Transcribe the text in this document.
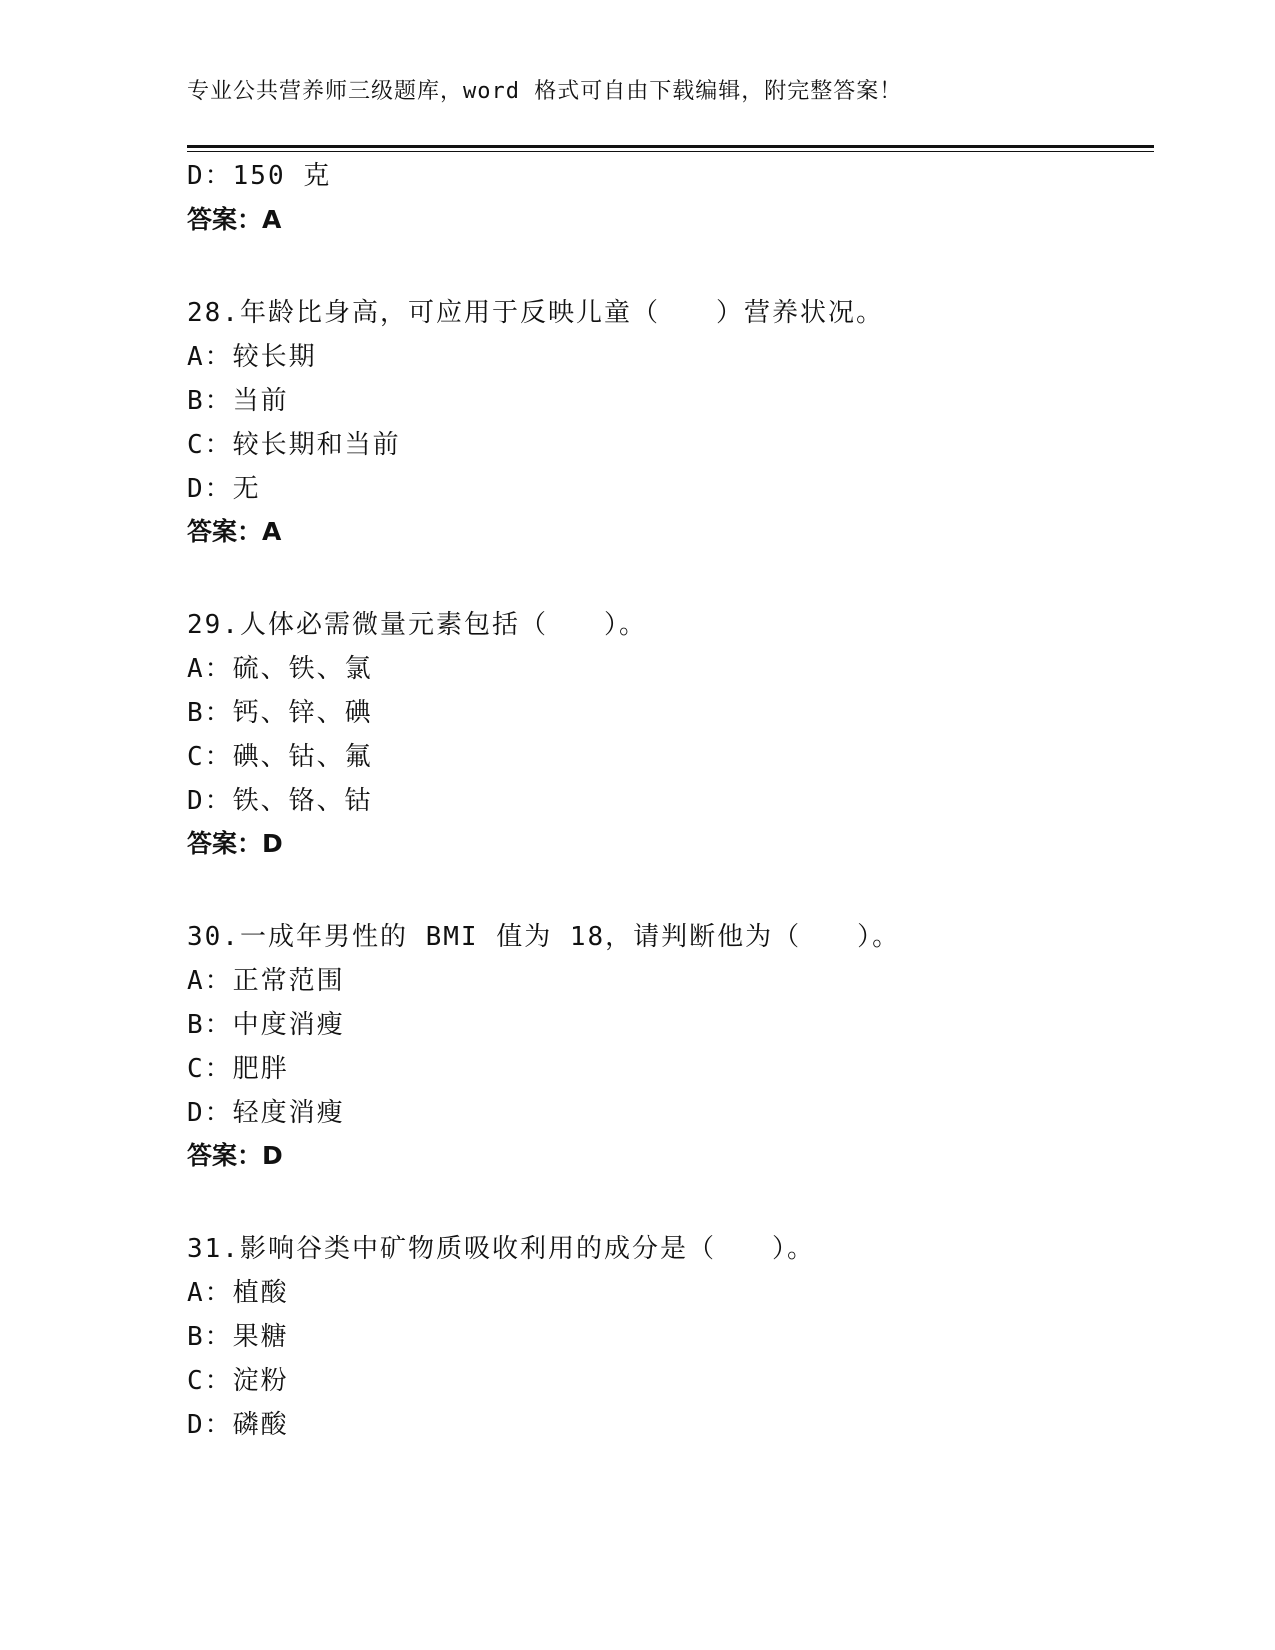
专业公共营养师三级题库，word 格式可自由下载编辑，附完整答案！
D：150 克
答案：A
28.年龄比身高，可应用于反映儿童（　　）营养状况。
A：较长期
B：当前
C：较长期和当前
D：无
答案：A
29.人体必需微量元素包括（　　）。
A：硫、铁、氯
B：钙、锌、碘
C：碘、钴、氟
D：铁、铬、钴
答案：D
30.一成年男性的 BMI 值为 18，请判断他为（　　）。
A：正常范围
B：中度消瘦
C：肥胖
D：轻度消瘦
答案：D
31.影响谷类中矿物质吸收利用的成分是（　　）。
A：植酸
B：果糖
C：淀粉
D：磷酸
